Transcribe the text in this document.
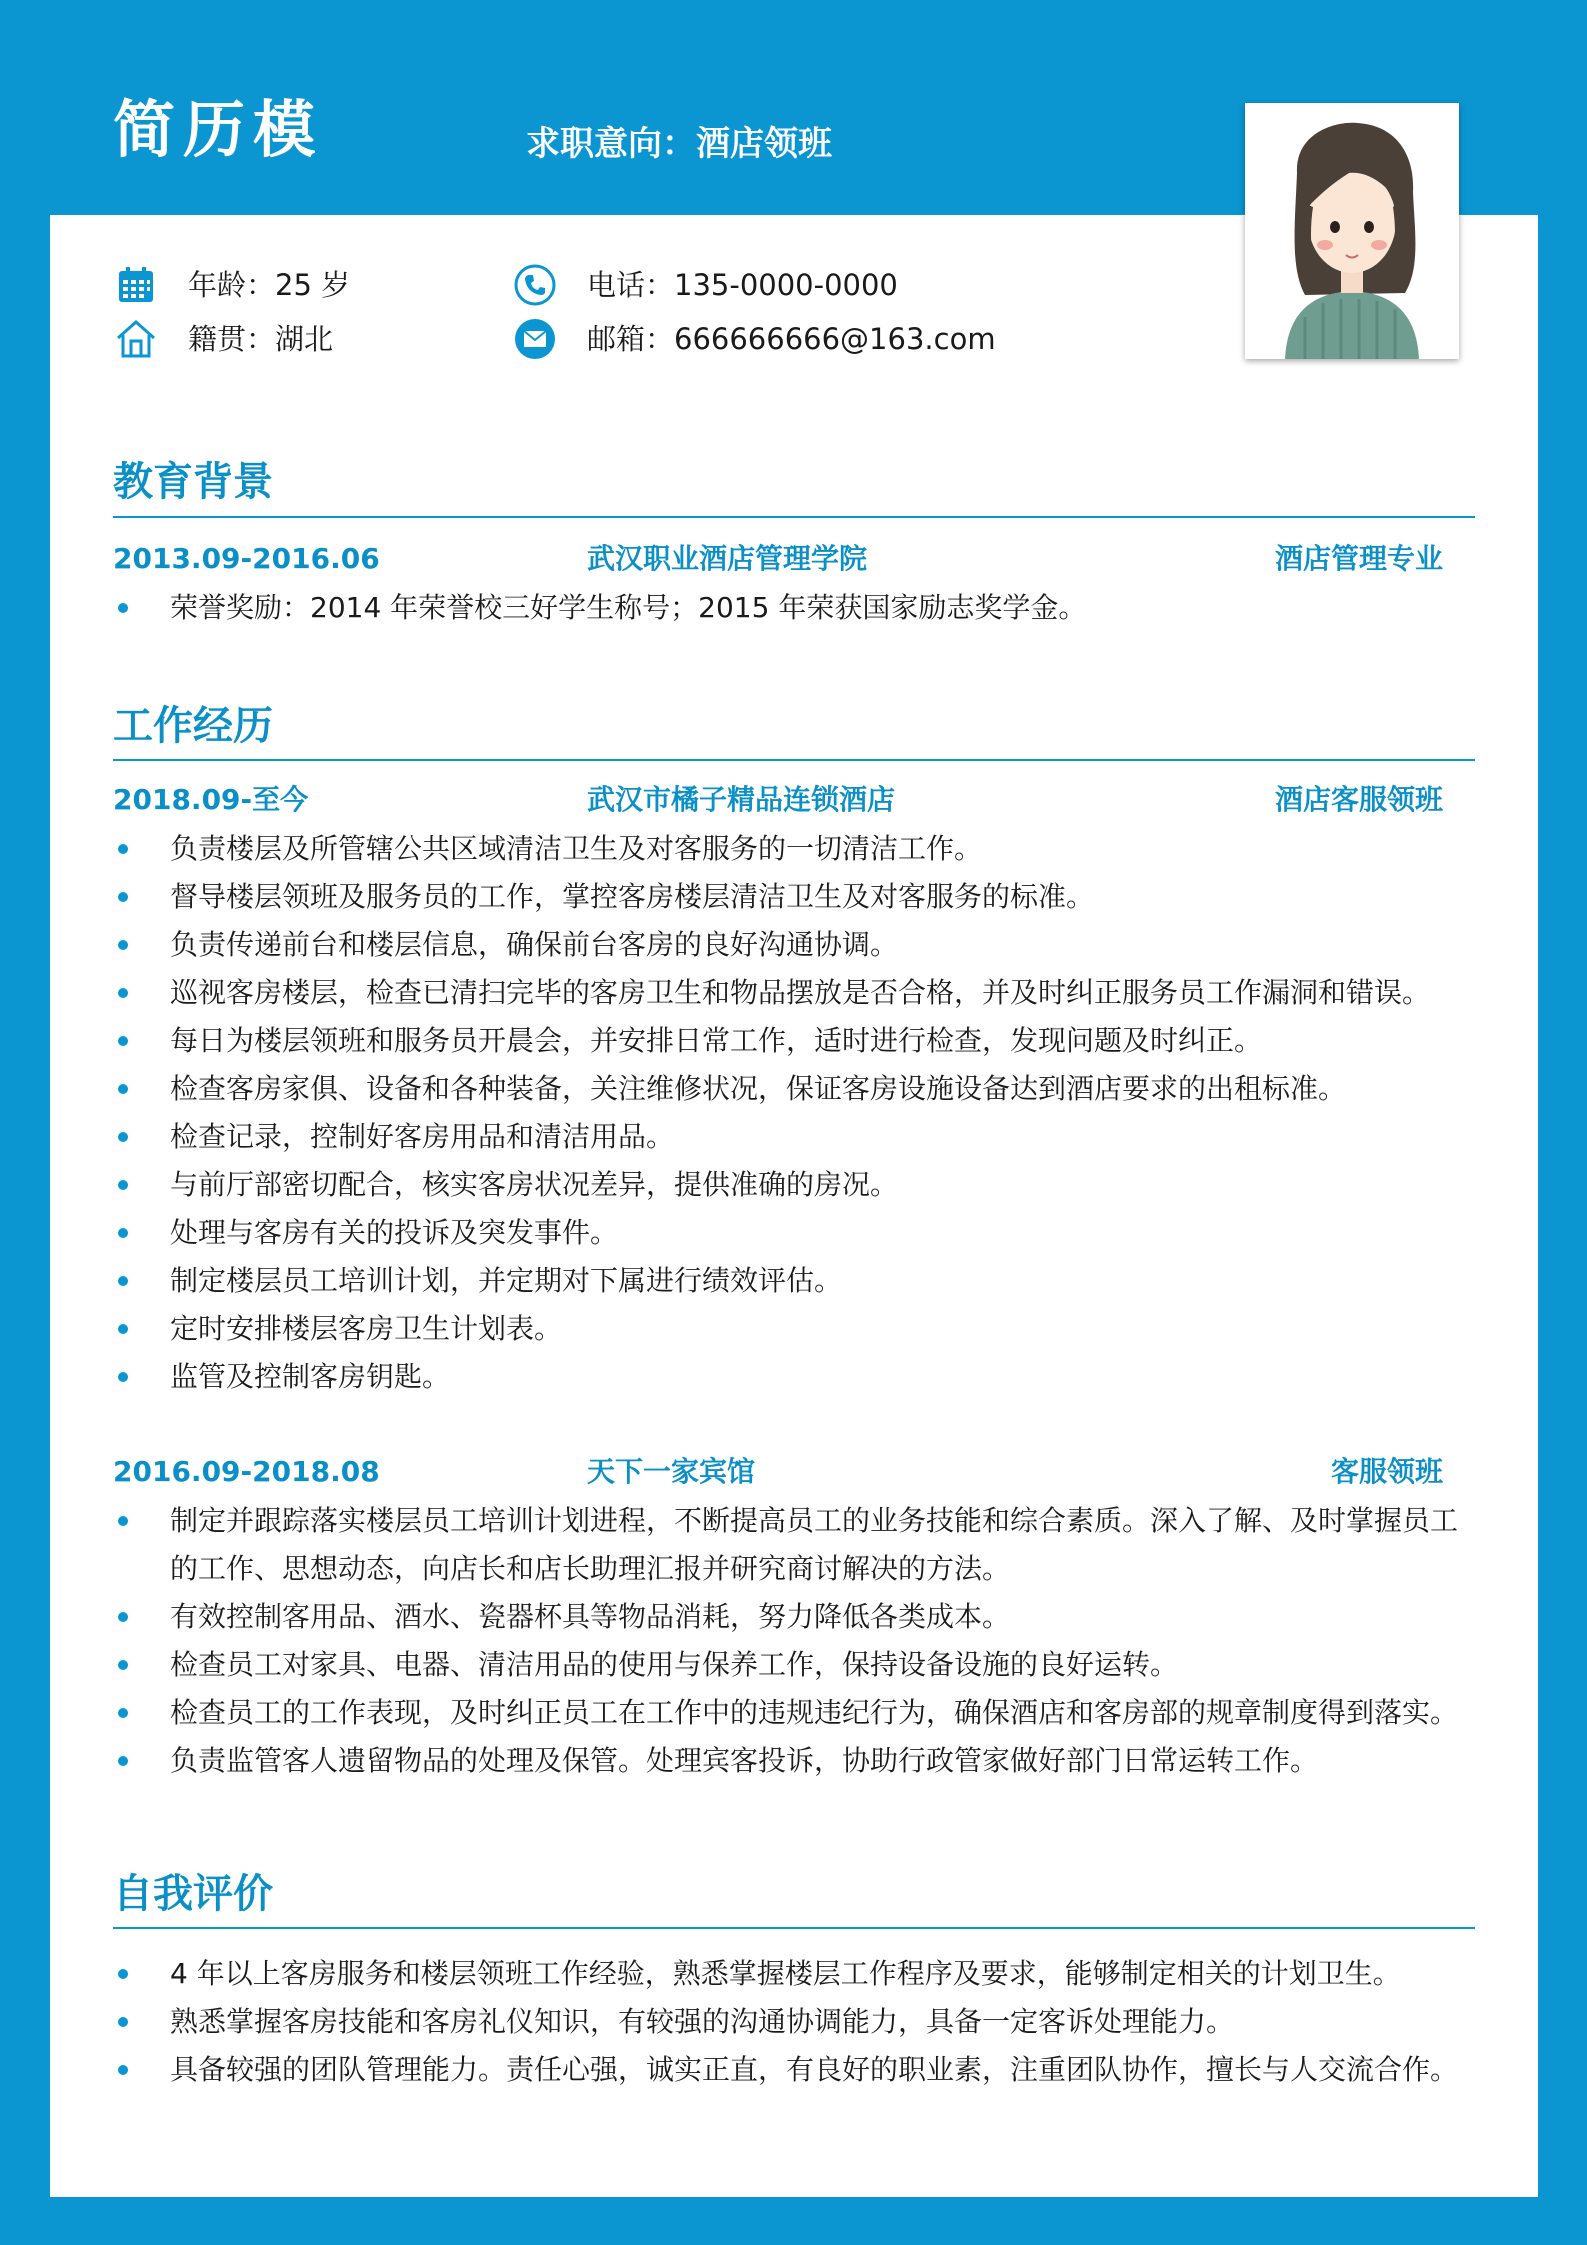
简历模	求职意向：酒店领班
年龄：25 岁	电话：135-0000-0000
籍贯：湖北	邮箱：666666666@163.com
教育背景
2013.09-2016.06	武汉职业酒店管理学院	酒店管理专业
荣誉奖励：2014 年荣誉校三好学生称号；2015 年荣获国家励志奖学金。
工作经历
2018.09-至今	武汉市橘子精品连锁酒店	酒店客服领班
负责楼层及所管辖公共区域清洁卫生及对客服务的一切清洁工作。
督导楼层领班及服务员的工作，掌控客房楼层清洁卫生及对客服务的标准。
负责传递前台和楼层信息，确保前台客房的良好沟通协调。
巡视客房楼层，检查已清扫完毕的客房卫生和物品摆放是否合格，并及时纠正服务员工作漏洞和错误。
每日为楼层领班和服务员开晨会，并安排日常工作，适时进行检查，发现问题及时纠正。
检查客房家俱、设备和各种装备，关注维修状况，保证客房设施设备达到酒店要求的出租标准。
检查记录，控制好客房用品和清洁用品。
与前厅部密切配合，核实客房状况差异，提供准确的房况。
处理与客房有关的投诉及突发事件。
制定楼层员工培训计划，并定期对下属进行绩效评估。
定时安排楼层客房卫生计划表。
监管及控制客房钥匙。
2016.09-2018.08	天下一家宾馆	客服领班
制定并跟踪落实楼层员工培训计划进程，不断提高员工的业务技能和综合素质。深入了解、及时掌握员工的工作、思想动态，向店长和店长助理汇报并研究商讨解决的方法。
有效控制客用品、酒水、瓷器杯具等物品消耗，努力降低各类成本。
检查员工对家具、电器、清洁用品的使用与保养工作，保持设备设施的良好运转。
检查员工的工作表现，及时纠正员工在工作中的违规违纪行为，确保酒店和客房部的规章制度得到落实。
负责监管客人遗留物品的处理及保管。处理宾客投诉，协助行政管家做好部门日常运转工作。
自我评价
4 年以上客房服务和楼层领班工作经验，熟悉掌握楼层工作程序及要求，能够制定相关的计划卫生。
熟悉掌握客房技能和客房礼仪知识，有较强的沟通协调能力，具备一定客诉处理能力。
具备较强的团队管理能力。责任心强，诚实正直，有良好的职业素，注重团队协作，擅长与人交流合作。
